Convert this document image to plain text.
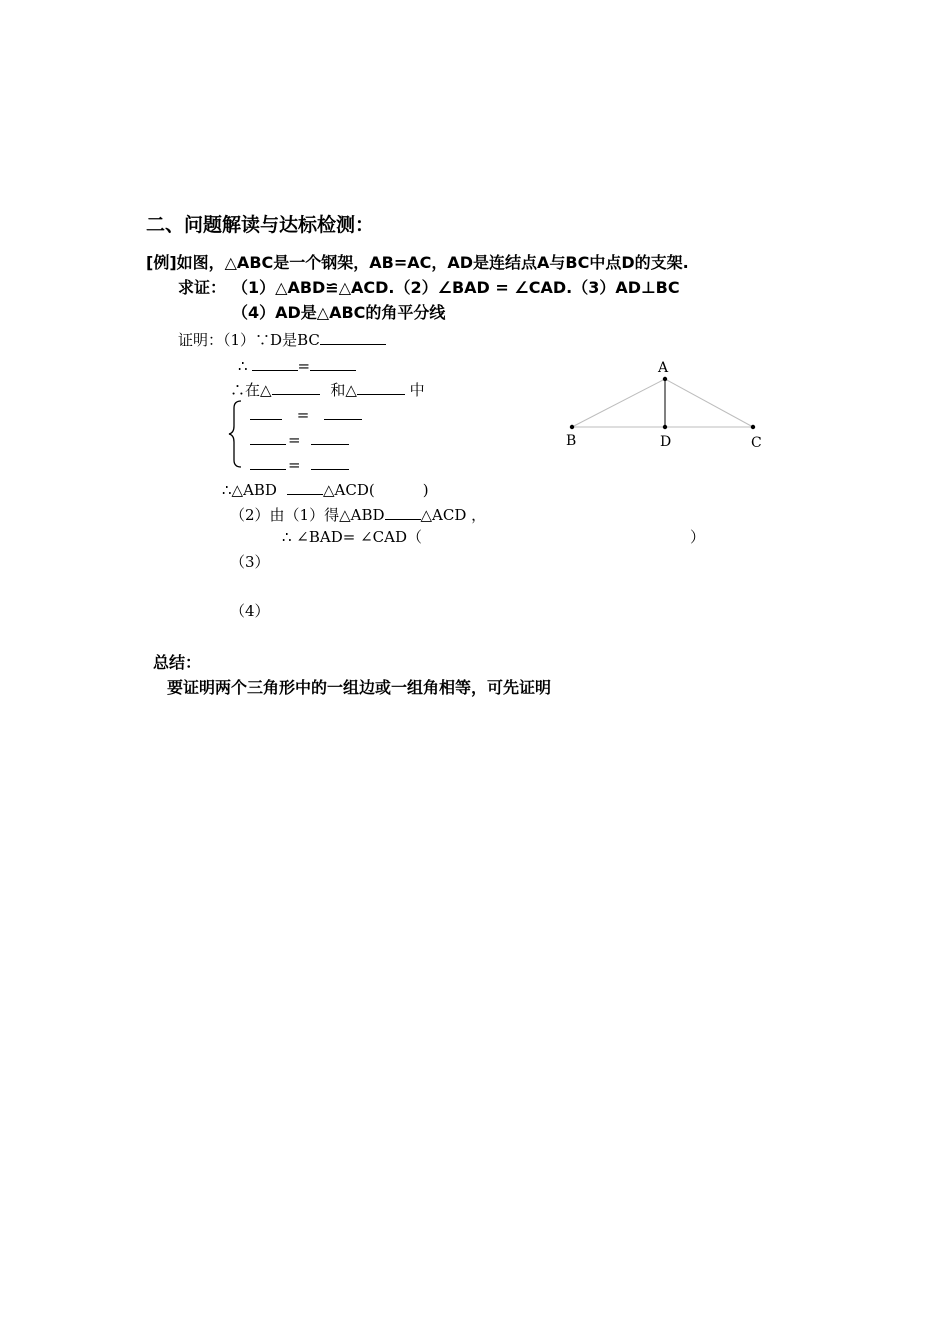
二、问题解读与达标检测：
[例]如图，△ABC是一个钢架，AB=AC，AD是连结点A与BC中点D的支架.
求证： （1）△ABD≌△ACD.（2）∠BAD = ∠CAD.（3）AD⊥BC
（4）AD是△ABC的角平分线
证明：（1）∵D是BC
∴	=
∴在△	和△	中
=
=
=
∴△ABD	△ACD(	)
（2）由（1）得△ABD △ACD ，
∴ ∠BAD= ∠CAD（	）
（3）
（4）
总结：
要证明两个三角形中的一组边或一组角相等，可先证明
A
B	D	C
